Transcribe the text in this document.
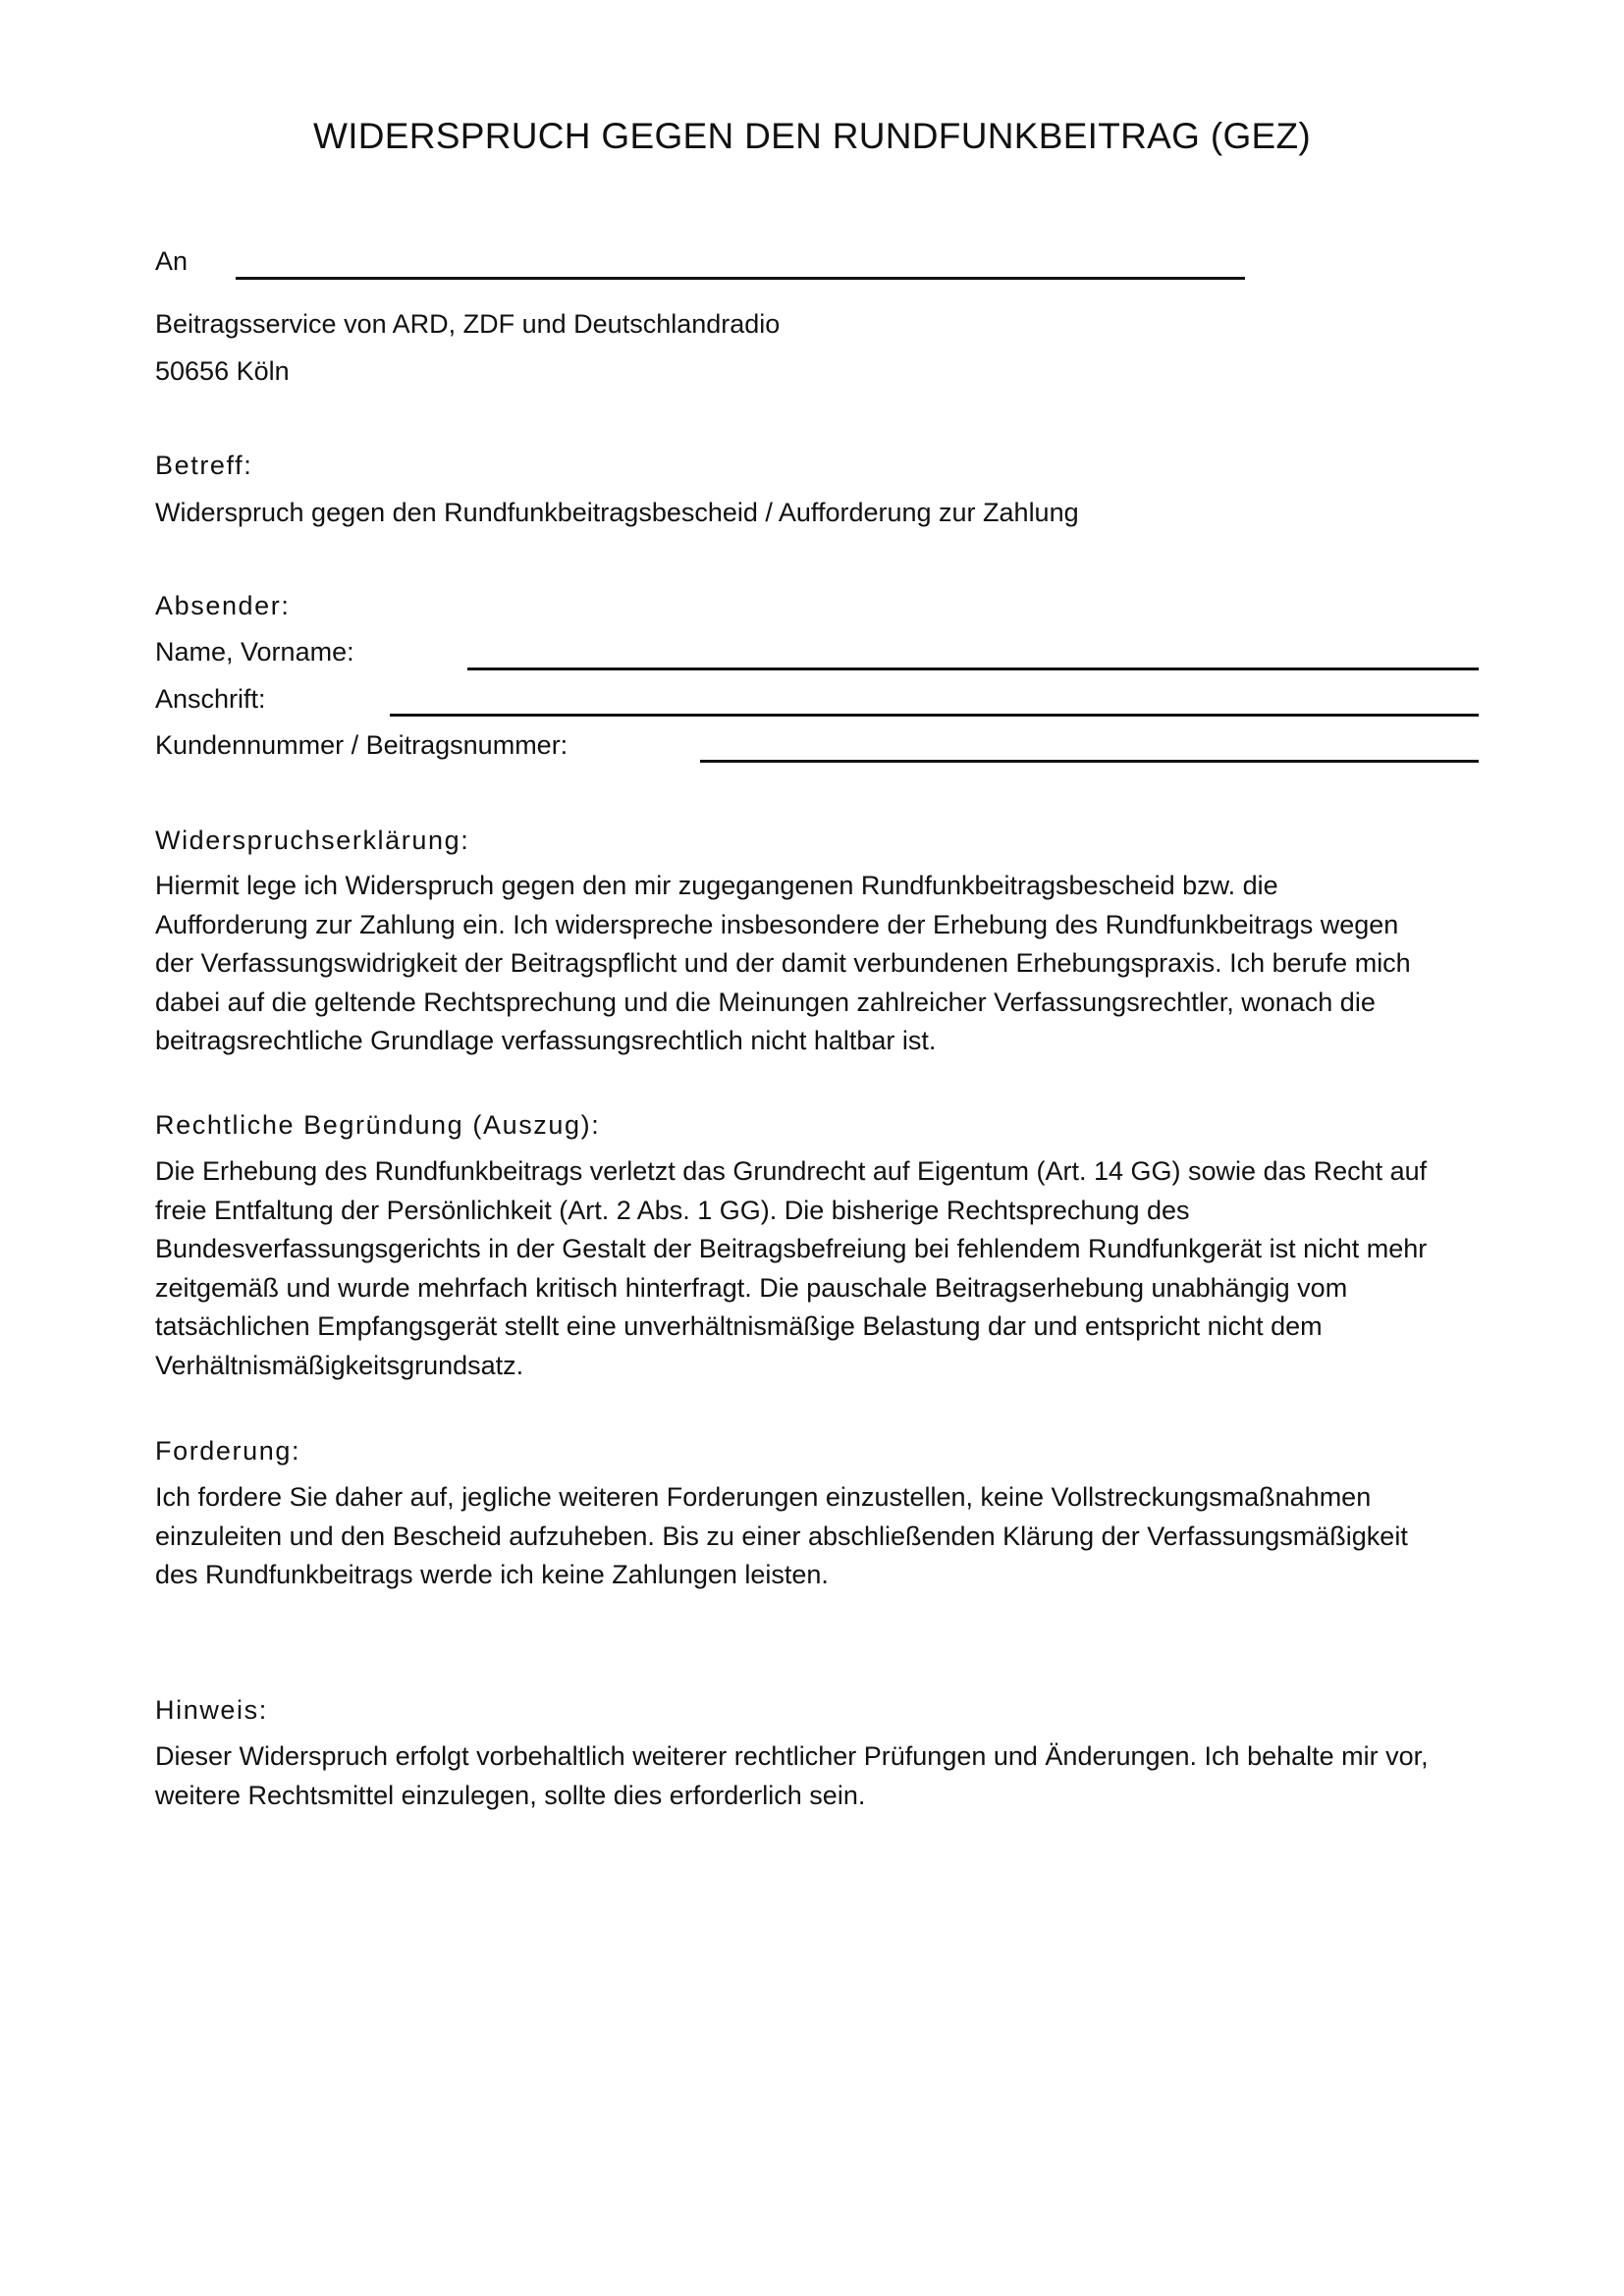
WIDERSPRUCH GEGEN DEN RUNDFUNKBEITRAG (GEZ)
An
Beitragsservice von ARD, ZDF und Deutschlandradio
50656 Köln
Betreff:
Widerspruch gegen den Rundfunkbeitragsbescheid / Aufforderung zur Zahlung
Absender:
Name, Vorname:
Anschrift:
Kundennummer / Beitragsnummer:
Widerspruchserklärung:
Hiermit lege ich Widerspruch gegen den mir zugegangenen Rundfunkbeitragsbescheid bzw. die
Aufforderung zur Zahlung ein. Ich widerspreche insbesondere der Erhebung des Rundfunkbeitrags wegen
der Verfassungswidrigkeit der Beitragspflicht und der damit verbundenen Erhebungspraxis. Ich berufe mich
dabei auf die geltende Rechtsprechung und die Meinungen zahlreicher Verfassungsrechtler, wonach die
beitragsrechtliche Grundlage verfassungsrechtlich nicht haltbar ist.
Rechtliche Begründung (Auszug):
Die Erhebung des Rundfunkbeitrags verletzt das Grundrecht auf Eigentum (Art. 14 GG) sowie das Recht auf
freie Entfaltung der Persönlichkeit (Art. 2 Abs. 1 GG). Die bisherige Rechtsprechung des
Bundesverfassungsgerichts in der Gestalt der Beitragsbefreiung bei fehlendem Rundfunkgerät ist nicht mehr
zeitgemäß und wurde mehrfach kritisch hinterfragt. Die pauschale Beitragserhebung unabhängig vom
tatsächlichen Empfangsgerät stellt eine unverhältnismäßige Belastung dar und entspricht nicht dem
Verhältnismäßigkeitsgrundsatz.
Forderung:
Ich fordere Sie daher auf, jegliche weiteren Forderungen einzustellen, keine Vollstreckungsmaßnahmen
einzuleiten und den Bescheid aufzuheben. Bis zu einer abschließenden Klärung der Verfassungsmäßigkeit
des Rundfunkbeitrags werde ich keine Zahlungen leisten.
Hinweis:
Dieser Widerspruch erfolgt vorbehaltlich weiterer rechtlicher Prüfungen und Änderungen. Ich behalte mir vor,
weitere Rechtsmittel einzulegen, sollte dies erforderlich sein.
